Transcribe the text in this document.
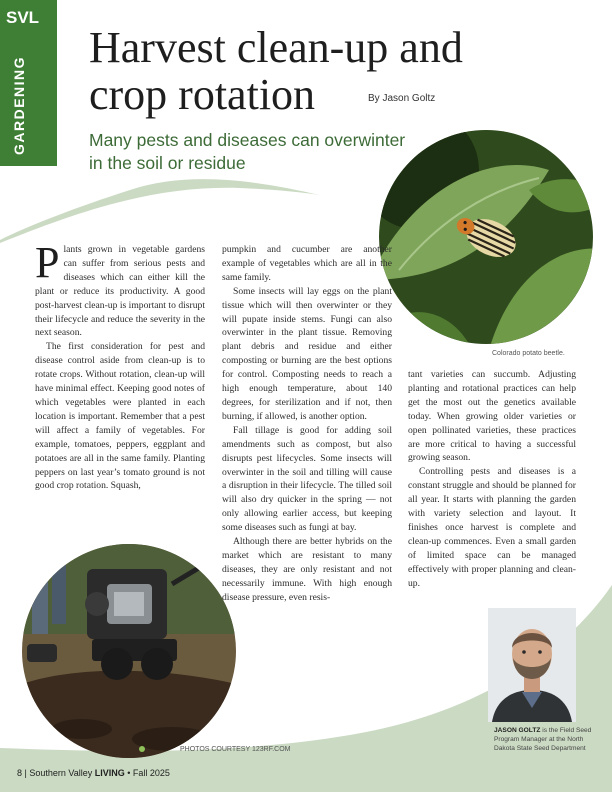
SVL
GARDENING
Harvest clean-up and crop rotation	By Jason Goltz
Many pests and diseases can overwinter in the soil or residue
Colorado potato beetle.

Plants grown in vegetable gardens can suffer from serious pests and diseases which can either kill the plant or reduce its productivity. A good post-harvest clean-up is important to disrupt their lifecycle and reduce the severity in the next season.

The first consideration for pest and disease control aside from clean-up is to rotate crops. Without rotation, clean-up will have minimal effect. Keeping good notes of which vegetables were planted in each location is important. Remember that a pest will affect a family of vegetables. For example, tomatoes, peppers, eggplant and potatoes are all in the same family. Planting peppers on last year’s tomato ground is not good crop rotation. Squash,

pumpkin and cucumber are another example of vegetables which are all in the same family.

Some insects will lay eggs on the plant tissue which will then overwinter or they will pupate inside stems. Fungi can also overwinter in the plant tissue. Removing plant debris and residue and either composting or burning are the best options for control. Composting needs to reach a high enough temperature, about 140 degrees, for sterilization and if not, then burning, if allowed, is another option.

Fall tillage is good for adding soil amendments such as compost, but also disrupts pest lifecycles. Some insects will overwinter in the soil and tilling will cause a disruption in their lifecycle. The tilled soil will also dry quicker in the spring — not only allowing earlier access, but keeping some diseases such as fungi at bay.

Although there are better hybrids on the market which are resistant to many diseases, they are only resistant and not necessarily immune. With high enough disease pressure, even resis-

tant varieties can succumb. Adjusting planting and rotational practices can help get the most out the genetics available today. When growing older varieties or open pollinated varieties, these practices are more critical to having a successful growing season.

Controlling pests and diseases is a constant struggle and should be planned for all year. It starts with planning the garden with variety selection and layout. It finishes once harvest is complete and clean-up commences. Even a small garden of limited space can be managed effectively with proper planning and clean-up.

PHOTOS COURTESY 123RF.COM
JASON GOLTZ is the Field Seed Program Manager at the North Dakota State Seed Department
8 | Southern Valley LIVING • Fall 2025
